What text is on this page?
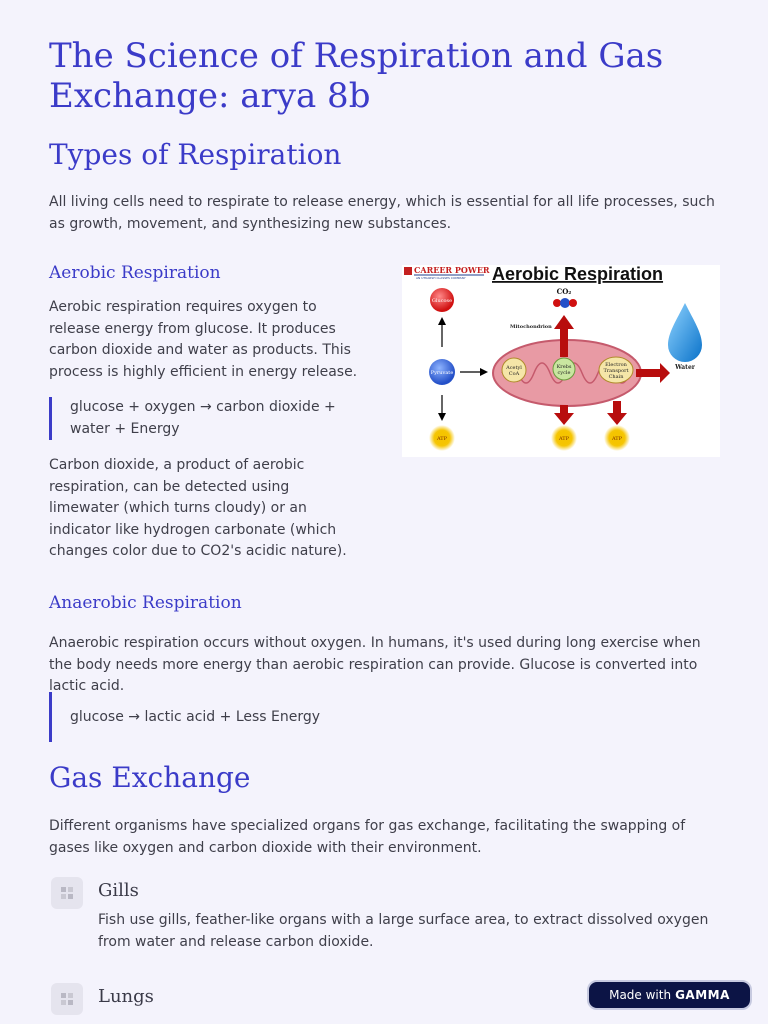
The Science of Respiration and Gas Exchange: arya 8b
Types of Respiration

All living cells need to respirate to release energy, which is essential for all life processes, such as growth, movement, and synthesizing new substances.

Aerobic Respiration

Aerobic respiration requires oxygen to release energy from glucose. It produces carbon dioxide and water as products. This process is highly efficient in energy release.

glucose + oxygen → carbon dioxide + water + Energy

Carbon dioxide, a product of aerobic respiration, can be detected using limewater (which turns cloudy) or an indicator like hydrogen carbonate (which changes color due to CO2's acidic nature).

CAREER POWER
AN UTKARSH CLASSES COMPANY Aerobic Respiration
Glucose
Pyruvate
Mitochondrion
Acetyl
CoA
Krebs
cycle
Electron
Transport
Chain
CO₂
Water
ATP	ATP	ATP
Anaerobic Respiration

Anaerobic respiration occurs without oxygen. In humans, it's used during long exercise when the body needs more energy than aerobic respiration can provide. Glucose is converted into lactic acid.

glucose → lactic acid + Less Energy
Gas Exchange

Different organisms have specialized organs for gas exchange, facilitating the swapping of gases like oxygen and carbon dioxide with their environment.

Gills

Fish use gills, feather-like organs with a large surface area, to extract dissolved oxygen from water and release carbon dioxide.

Lungs	Made with GAMMA
